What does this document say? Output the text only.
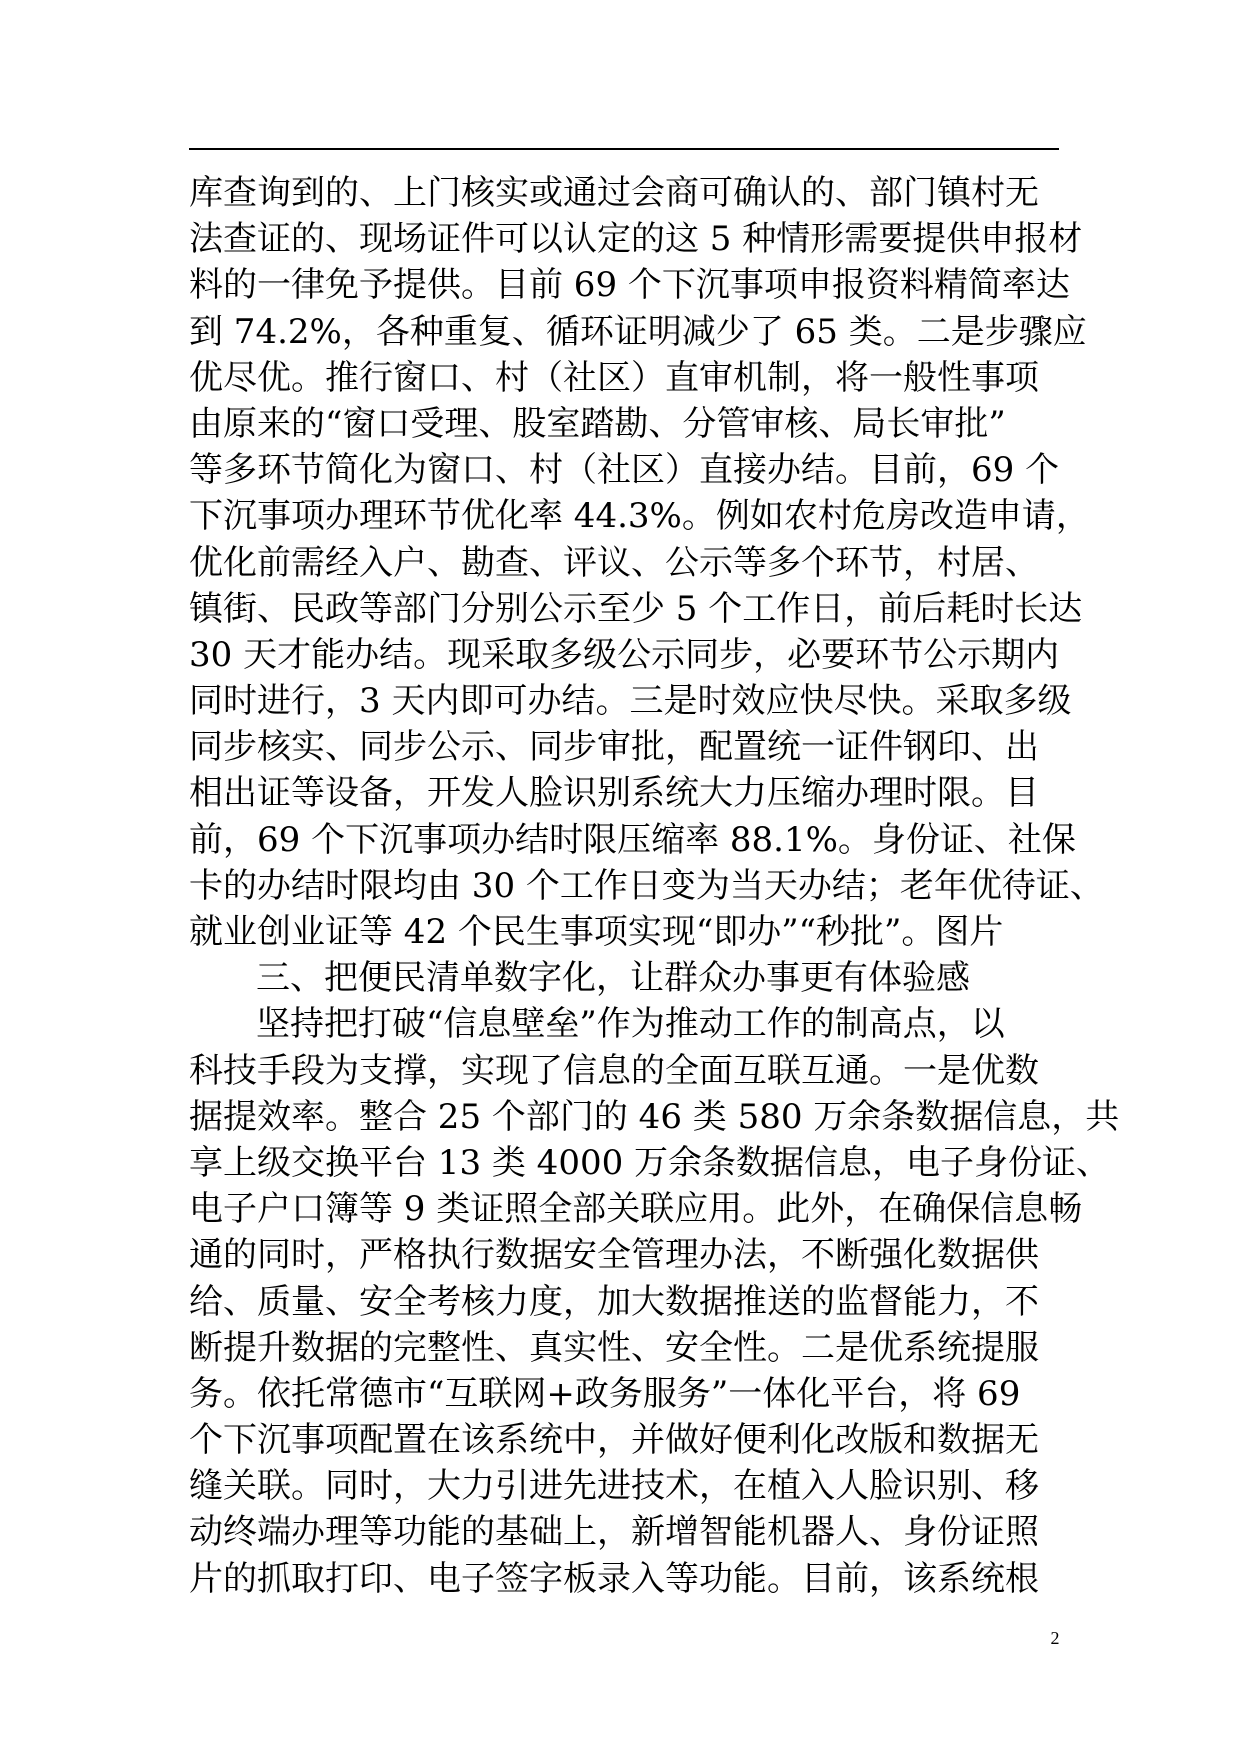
库查询到的、上门核实或通过会商可确认的、部门镇村无
法查证的、现场证件可以认定的这 5 种情形需要提供申报材
料的一律免予提供。目前 69 个下沉事项申报资料精简率达
到 74.2%，各种重复、循环证明减少了 65 类。二是步骤应
优尽优。推行窗口、村（社区）直审机制，将一般性事项
由原来的“窗口受理、股室踏勘、分管审核、局长审批”
等多环节简化为窗口、村（社区）直接办结。目前，69 个
下沉事项办理环节优化率 44.3%。例如农村危房改造申请，
优化前需经入户、勘查、评议、公示等多个环节，村居、
镇街、民政等部门分别公示至少 5 个工作日，前后耗时长达
30 天才能办结。现采取多级公示同步，必要环节公示期内
同时进行，3 天内即可办结。三是时效应快尽快。采取多级
同步核实、同步公示、同步审批，配置统一证件钢印、出
相出证等设备，开发人脸识别系统大力压缩办理时限。目
前，69 个下沉事项办结时限压缩率 88.1%。身份证、社保
卡的办结时限均由 30 个工作日变为当天办结；老年优待证、
就业创业证等 42 个民生事项实现“即办”“秒批”。图片
三、把便民清单数字化，让群众办事更有体验感
坚持把打破“信息壁垒”作为推动工作的制高点，以
科技手段为支撑，实现了信息的全面互联互通。一是优数
据提效率。整合 25 个部门的 46 类 580 万余条数据信息，共
享上级交换平台 13 类 4000 万余条数据信息，电子身份证、
电子户口簿等 9 类证照全部关联应用。此外，在确保信息畅
通的同时，严格执行数据安全管理办法，不断强化数据供
给、质量、安全考核力度，加大数据推送的监督能力，不
断提升数据的完整性、真实性、安全性。二是优系统提服
务。依托常德市“互联网+政务服务”一体化平台，将 69
个下沉事项配置在该系统中，并做好便利化改版和数据无
缝关联。同时，大力引进先进技术，在植入人脸识别、移
动终端办理等功能的基础上，新增智能机器人、身份证照
片的抓取打印、电子签字板录入等功能。目前，该系统根
2
